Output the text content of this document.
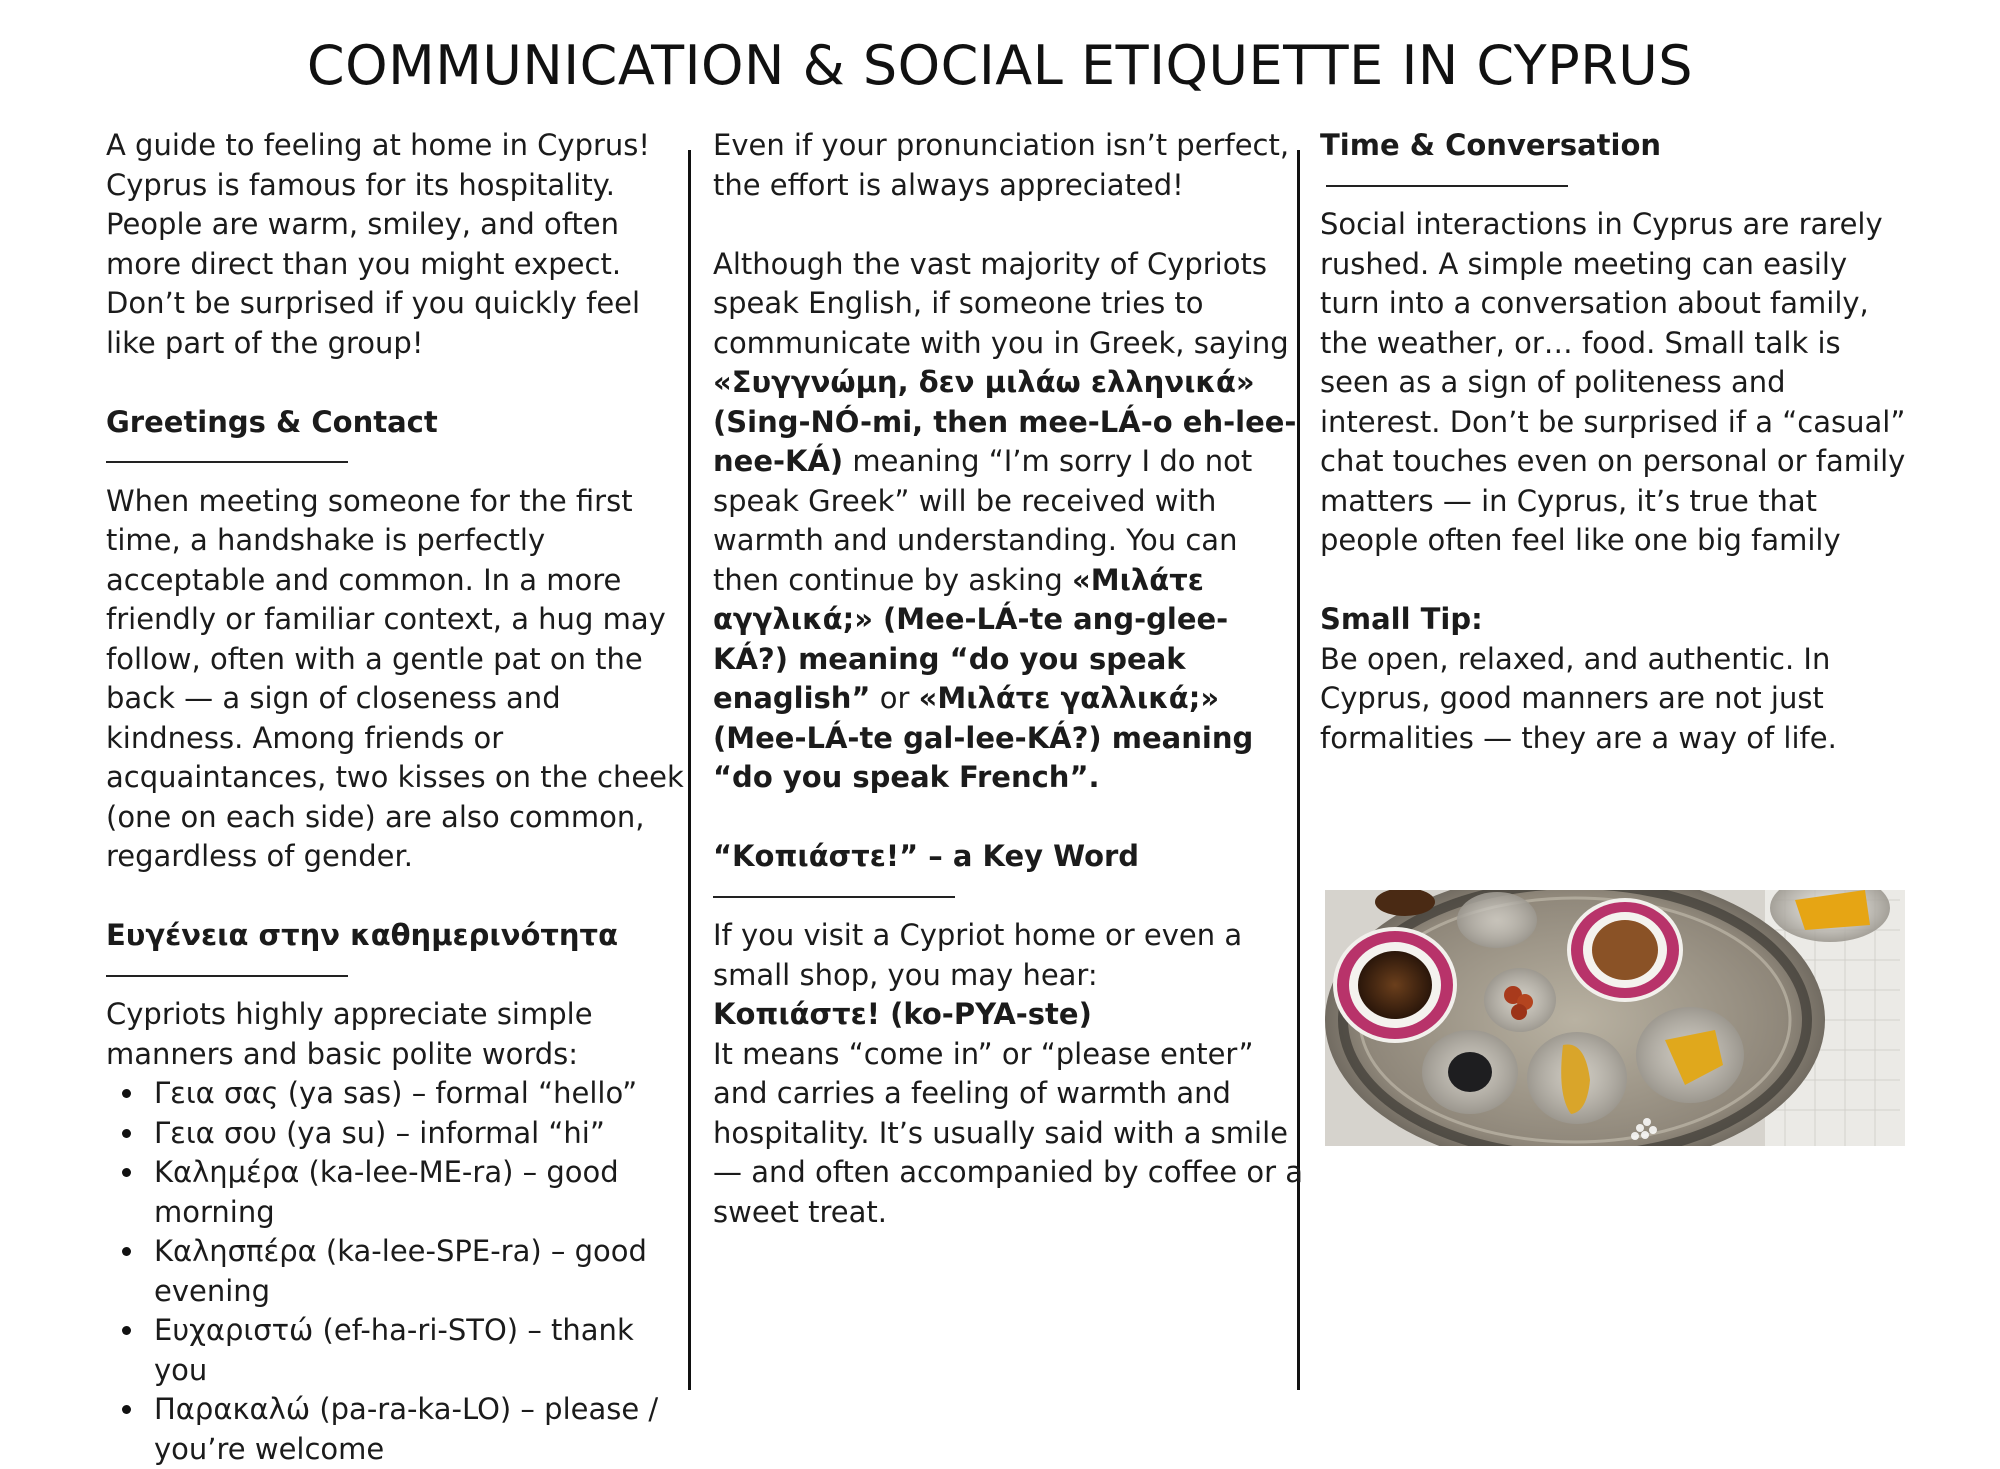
COMMUNICATION & SOCIAL ETIQUETTE IN CYPRUS

A guide to feeling at home in Cyprus!

Cyprus is famous for its hospitality.

People are warm, smiley, and often more direct than you might expect.

Don’t be surprised if you quickly feel like part of the group!

Greetings & Contact

When meeting someone for the first time, a handshake is perfectly acceptable and common. In a more friendly or familiar context, a hug may follow, often with a gentle pat on the back — a sign of closeness and kindness. Among friends or acquaintances, two kisses on the cheek (one on each side) are also common, regardless of gender.

Ευγένεια στην καθημερινότητα

Cypriots highly appreciate simple manners and basic polite words:

Γεια σας (ya sas) – formal “hello”
Γεια σου (ya su) – informal “hi”
Καλημέρα (ka-lee-ME-ra) – good morning
Καλησπέρα (ka-lee-SPE-ra) – good evening
Ευχαριστώ (ef-ha-ri-STO) – thank you
Παρακαλώ (pa-ra-ka-LO) – please / you’re welcome

Even if your pronunciation isn’t perfect, the effort is always appreciated!

Although the vast majority of Cypriots speak English, if someone tries to communicate with you in Greek, saying «Συγγνώμη, δεν μιλάω ελληνικά» (Sing-NÓ-mi, then mee-LÁ-o eh-lee-nee-KÁ) meaning “I’m sorry I do not speak Greek” will be received with warmth and understanding. You can then continue by asking «Μιλάτε αγγλικά;» (Mee-LÁ-te ang-glee-KÁ?) meaning “do you speak enaglish” or «Μιλάτε γαλλικά;» (Mee-LÁ-te gal-lee-KÁ?) meaning “do you speak French”.

“Κοπιάστε!” – a Key Word

If you visit a Cypriot home or even a small shop, you may hear:

Κοπιάστε! (ko-PYA-ste)

It means “come in” or “please enter” and carries a feeling of warmth and hospitality. It’s usually said with a smile — and often accompanied by coffee or a sweet treat.

Time & Conversation

Social interactions in Cyprus are rarely rushed. A simple meeting can easily turn into a conversation about family, the weather, or… food. Small talk is seen as a sign of politeness and interest. Don’t be surprised if a “casual” chat touches even on personal or family matters — in Cyprus, it’s true that people often feel like one big family

Small Tip:

Be open, relaxed, and authentic. In Cyprus, good manners are not just formalities — they are a way of life.
